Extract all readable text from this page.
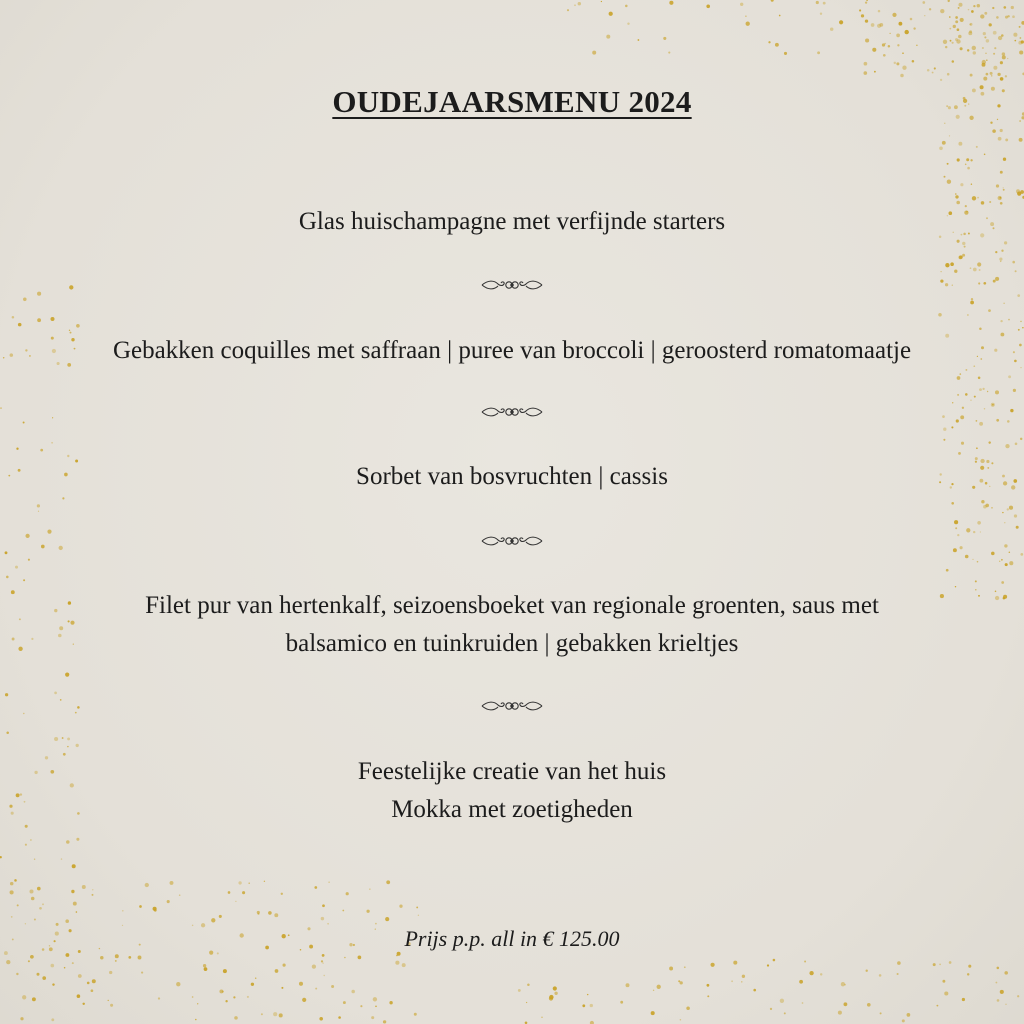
OUDEJAARSMENU 2024

Glas huischampagne met verfijnde starters

Gebakken coquilles met saffraan | puree van broccoli | geroosterd romatomaatje

Sorbet van bosvruchten | cassis

Filet pur van hertenkalf, seizoensboeket van regionale groenten, saus met

balsamico en tuinkruiden | gebakken krieltjes

Feestelijke creatie van het huis

Mokka met zoetigheden

Prijs p.p. all in € 125.00
